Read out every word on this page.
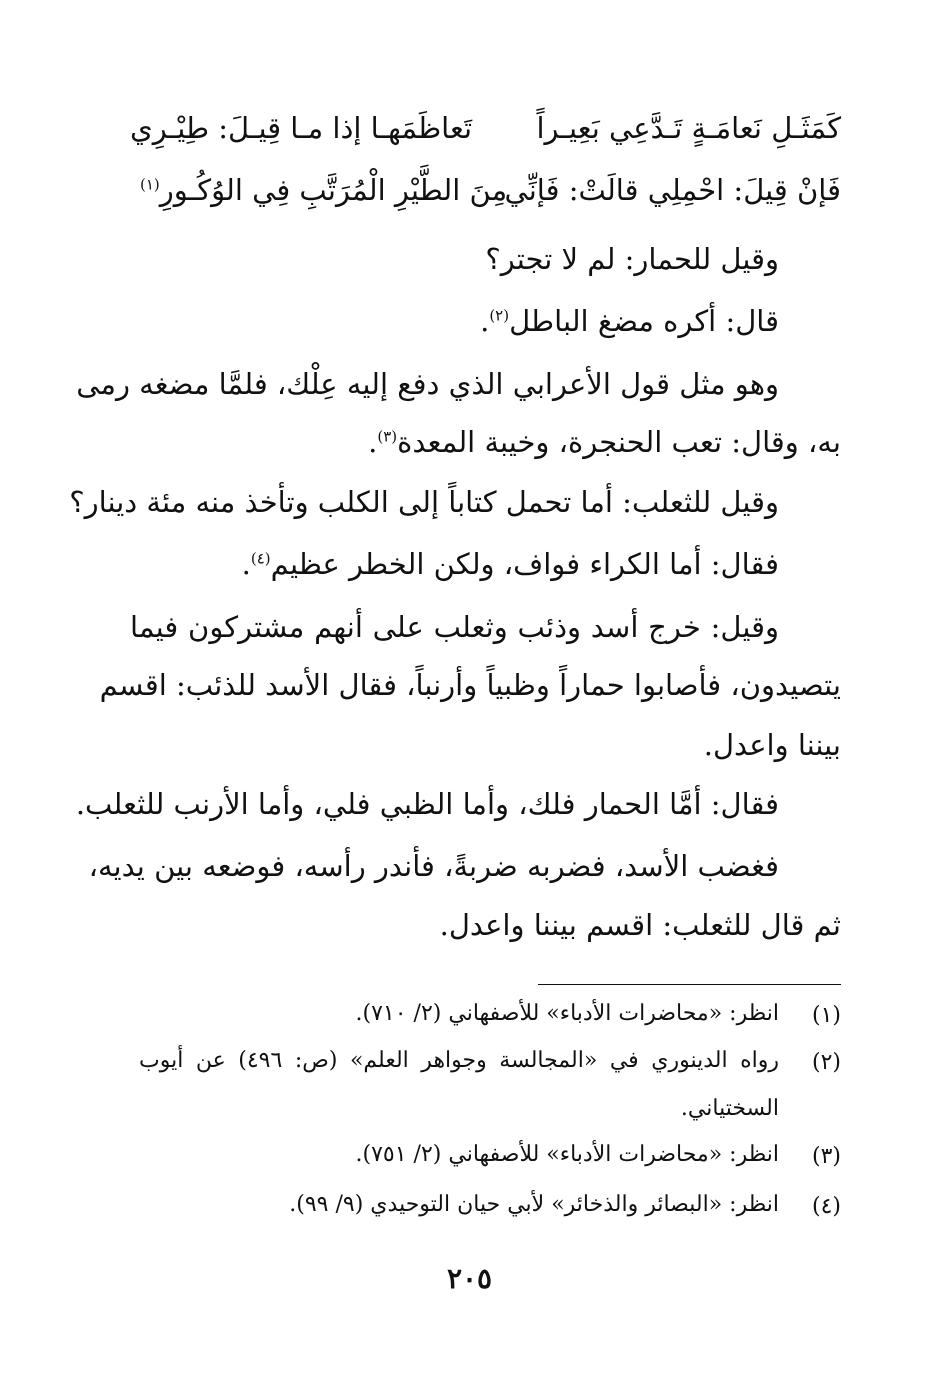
كَمَثَـلِ نَعامَـةٍ تَـدَّعِي بَعِيـراً
تَعاظَمَهـا إذا مـا قِيـلَ: طِيْـرِي
فَإنْ قِيلَ: احْمِلِي قالَتْ: فَإنِّي
مِنَ الطَّيْرِ الْمُرَتَّبِ فِي الوُكُـورِ$^{(١)}$
وقيل للحمار: لم لا تجتر؟
قال: أكره مضغ الباطل$^{(٢)}$.
وهو مثل قول الأعرابي الذي دفع إليه عِلْك، فلمَّا مضغه رمى
به، وقال: تعب الحنجرة، وخيبة المعدة$^{(٣)}$.
وقيل للثعلب: أما تحمل كتاباً إلى الكلب وتأخذ منه مئة دينار؟
فقال: أما الكراء فواف، ولكن الخطر عظيم$^{(٤)}$.
وقيل: خرج أسد وذئب وثعلب على أنهم مشتركون فيما
يتصيدون، فأصابوا حماراً وظبياً وأرنباً، فقال الأسد للذئب: اقسم
بيننا واعدل.
فقال: أمَّا الحمار فلك، وأما الظبي فلي، وأما الأرنب للثعلب.
فغضب الأسد، فضربه ضربةً، فأندر رأسه، فوضعه بين يديه،
ثم قال للثعلب: اقسم بيننا واعدل.
(١)
انظر: «محاضرات الأدباء» للأصفهاني (٢/ ٧١٠).
(٢)
رواه الدينوري في «المجالسة وجواهر العلم» (ص: ٤٩٦) عن أيوب
السختياني.
(٣)
انظر: «محاضرات الأدباء» للأصفهاني (٢/ ٧٥١).
(٤)
انظر: «البصائر والذخائر» لأبي حيان التوحيدي (٩/ ٩٩).
٢٠٥
